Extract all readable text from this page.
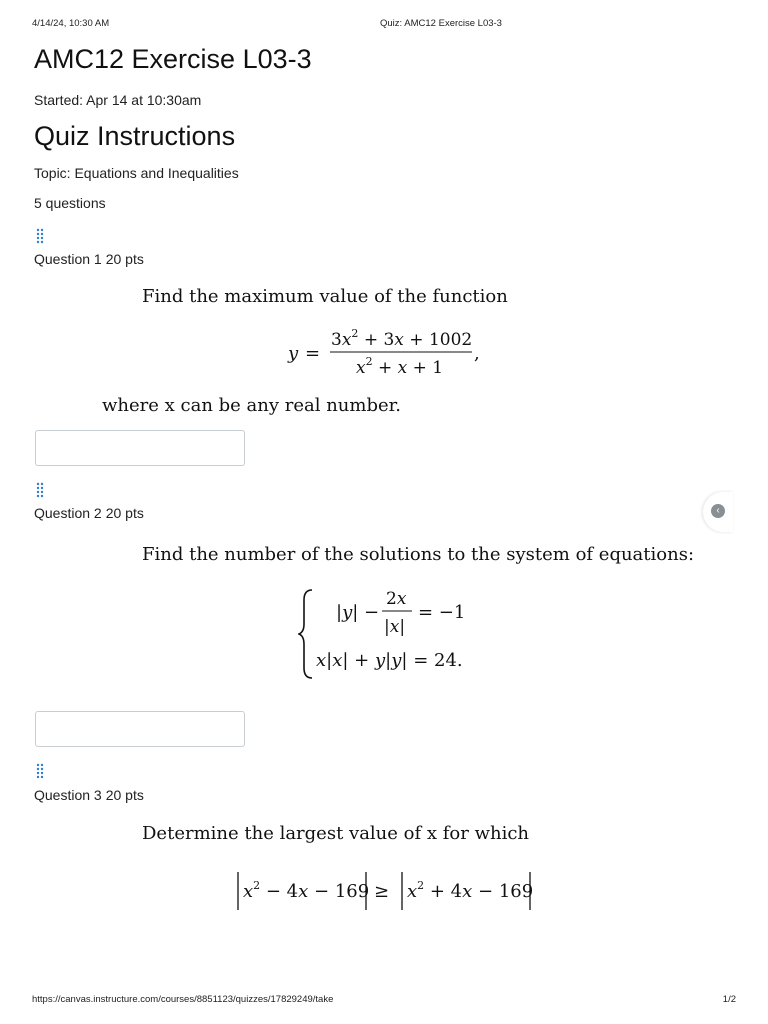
4/14/24, 10:30 AM	Quiz: AMC12 Exercise L03-3
AMC12 Exercise L03-3
Started: Apr 14 at 10:30am
Quiz Instructions
Topic: Equations and Inequalities
5 questions
Question 1 20 pts
Find the maximum value of the function
y =
$3x^2 + 3x + 1002$
$x^2 + x + 1$
,
where x can be any real number.
Question 2 20 pts
Find the number of the solutions to the system of equations:
|y| −
2x
|x|
= −1
x|x| + y|y| = 24.
Question 3 20 pts
Determine the largest value of x for which
$x^2 - 4x - 169 \ge x^2 + 4x - 169$
‹
https://canvas.instructure.com/courses/8851123/quizzes/17829249/take	1/2
